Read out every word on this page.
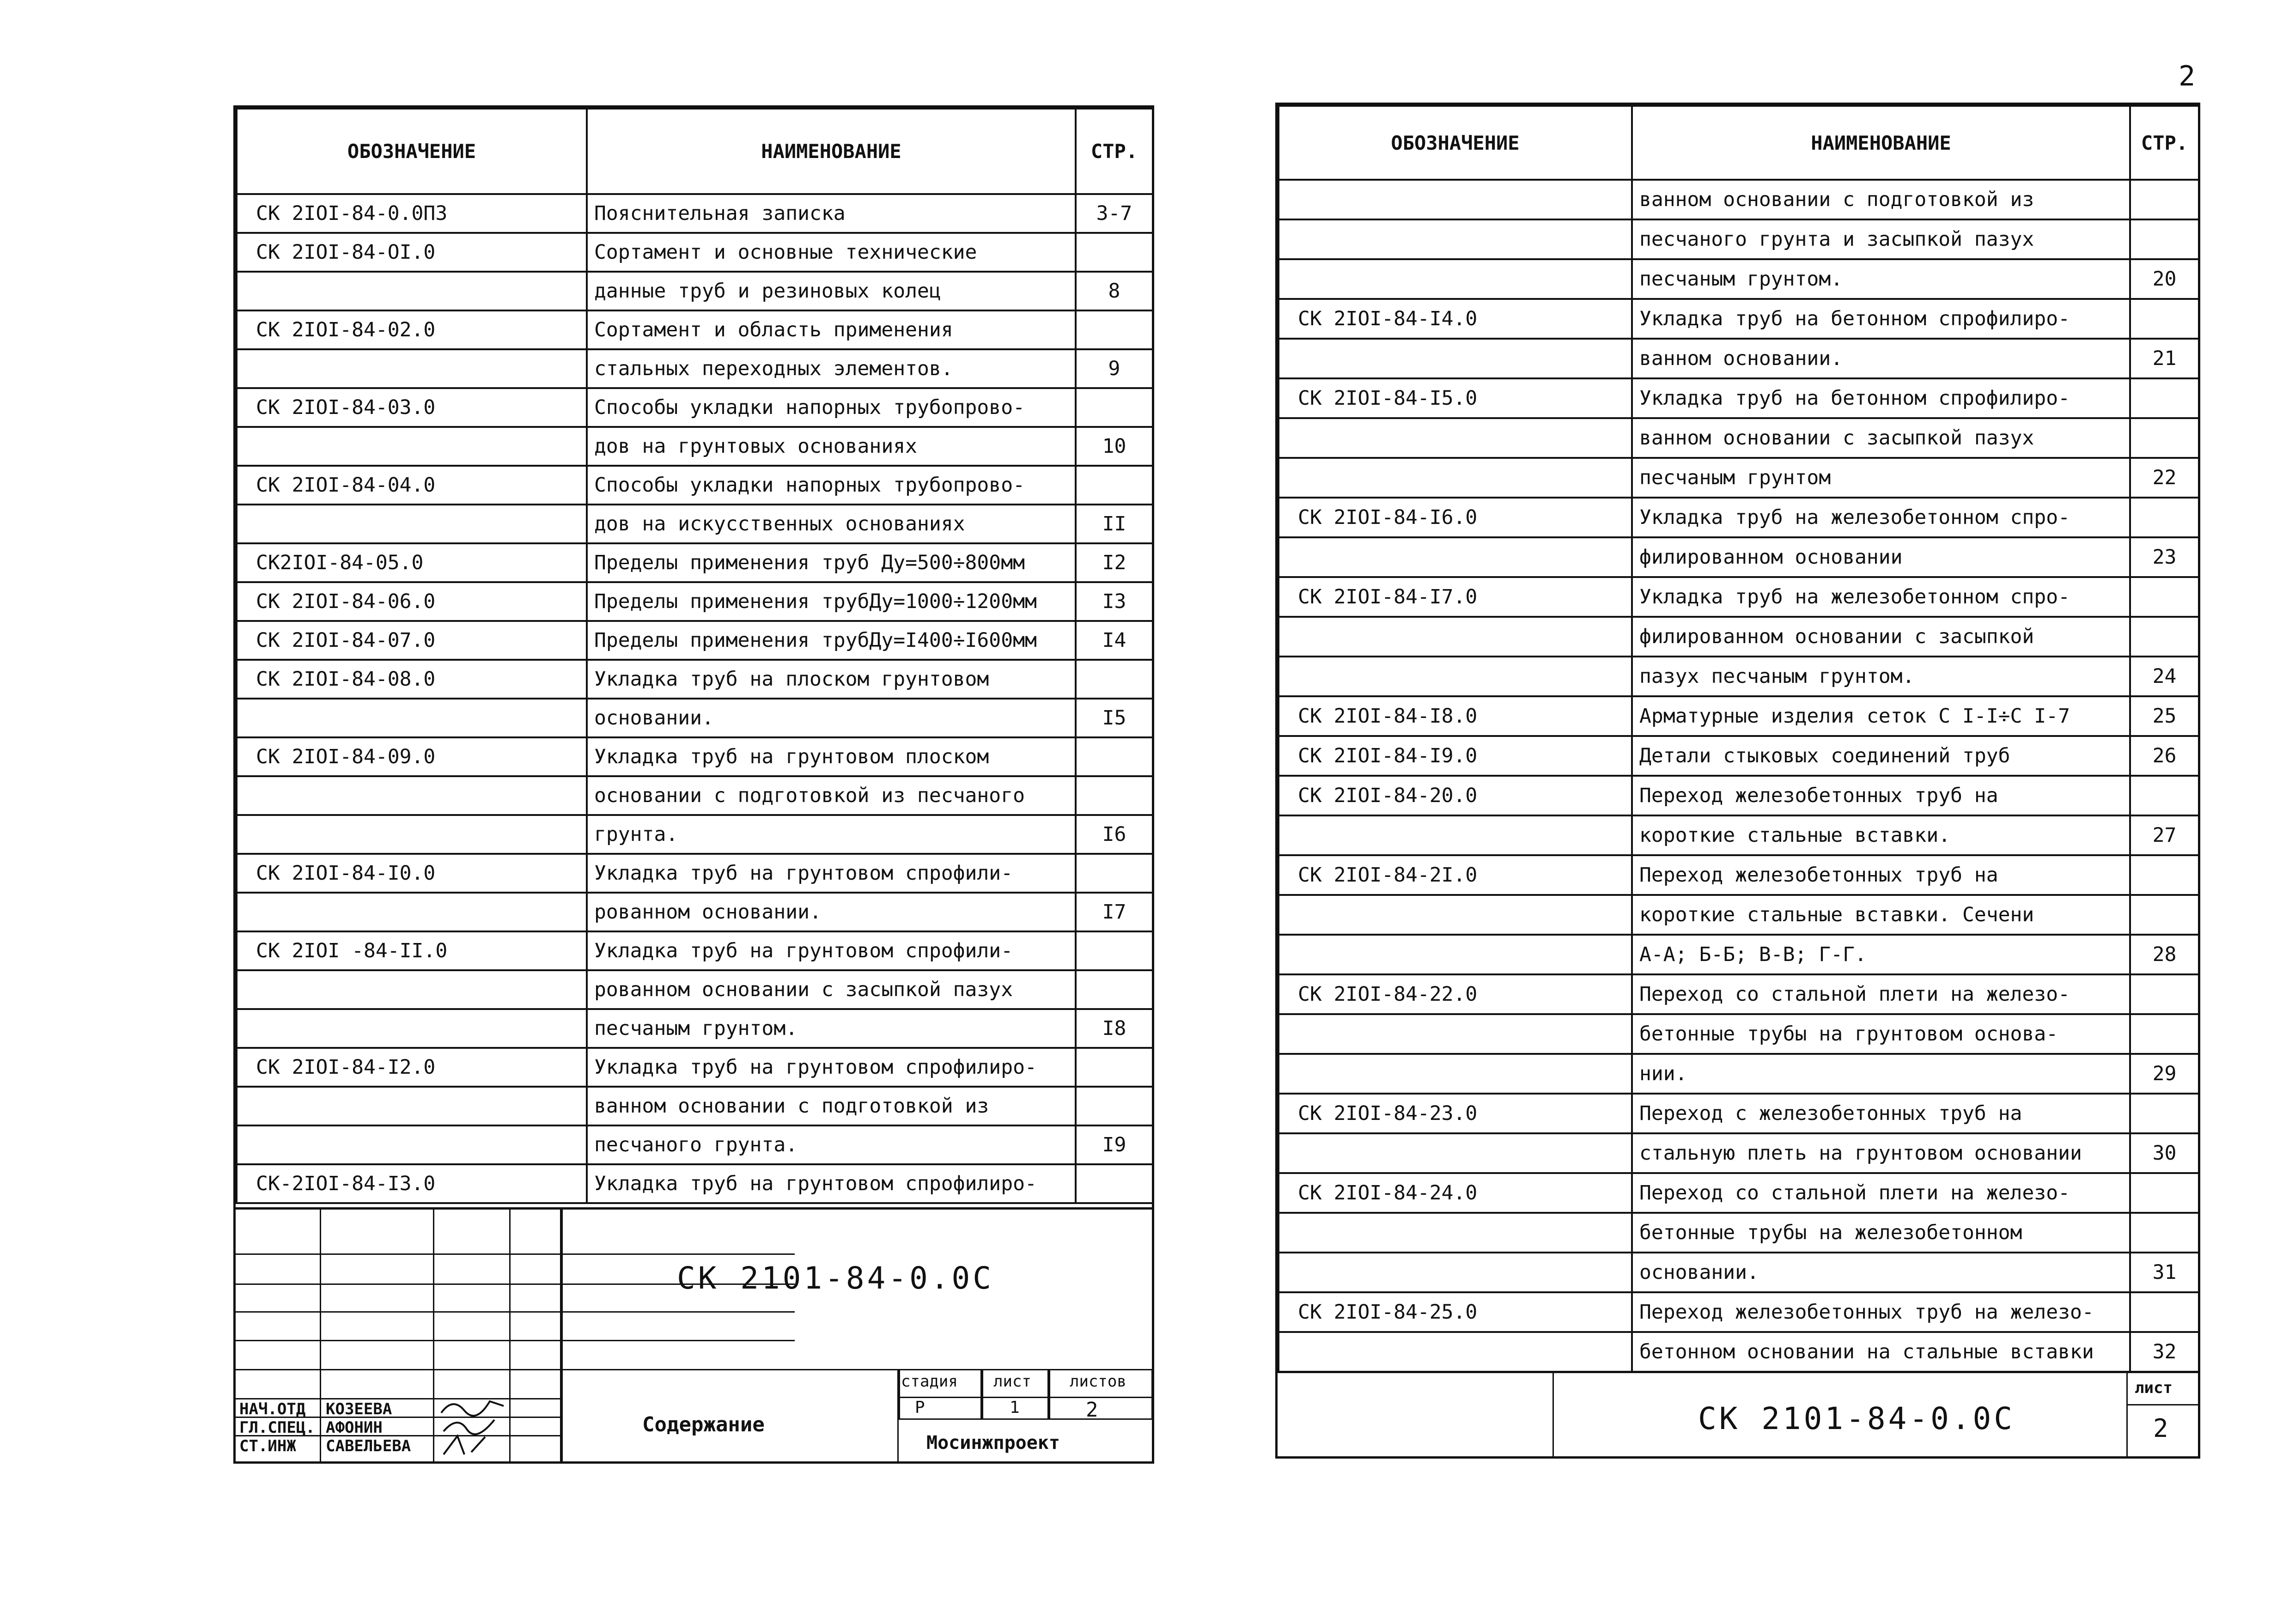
2
ОБОЗНАЧЕНИЕ	НАИМЕНОВАНИЕ	СТР.
СК 2IOI-84-0.0ПЗ	Пояснительная записка	3-7
СК 2IOI-84-OI.0	Сортамент и основные технические	
	данные труб и резиновых колец	8
СК 2IOI-84-02.0	Сортамент и область применения	
	стальных переходных элементов.	9
СК 2IOI-84-03.0	Способы укладки напорных трубопрово-	
	дов на грунтовых основаниях	10
СК 2IOI-84-04.0	Способы укладки напорных трубопрово-	
	дов на искусственных основаниях	II
СК2IOI-84-05.0	Пределы применения труб Дy=500÷800мм	I2
СК 2IOI-84-06.0	Пределы применения трубДy=1000÷1200мм	I3
СК 2IOI-84-07.0	Пределы применения трубДy=I400÷I600мм	I4
СК 2IOI-84-08.0	Укладка труб на плоском грунтовом	
	основании.	I5
СК 2IOI-84-09.0	Укладка труб на грунтовом плоском	
	основании с подготовкой из песчаного	
	грунта.	I6
СК 2IOI-84-I0.0	Укладка труб на грунтовом спрофили-	
	рованном основании.	I7
СК 2IOI -84-II.0	Укладка труб на грунтовом спрофили-	
	рованном основании с засыпкой пазух	
	песчаным грунтом.	I8
СК 2IOI-84-I2.0	Укладка труб на грунтовом спрофилиро-	
	ванном основании с подготовкой из	
	песчаного грунта.	I9
СК-2IOI-84-I3.0	Укладка труб на грунтовом спрофилиро-	
СК 2101-84-0.0С
Содержание
стадия лист листов
Р	1	2
Мосинжпроект
НАЧ.ОТД КОЗЕЕВА
ГЛ.СПЕЦ. АФОНИН
СТ.ИНЖ САВЕЛЬЕВА
ОБОЗНАЧЕНИЕ	НАИМЕНОВАНИЕ	СТР.
	ванном основании с подготовкой из	
	песчаного грунта и засыпкой пазух	
	песчаным грунтом.	20
СК 2IOI-84-I4.0	Укладка труб на бетонном спрофилиро-	
	ванном основании.	21
СК 2IOI-84-I5.0	Укладка труб на бетонном спрофилиро-	
	ванном основании с засыпкой пазух	
	песчаным грунтом	22
СК 2IOI-84-I6.0	Укладка труб на железобетонном спро-	
	филированном основании	23
СК 2IOI-84-I7.0	Укладка труб на железобетонном спро-	
	филированном основании с засыпкой	
	пазух песчаным грунтом.	24
СК 2IOI-84-I8.0	Арматурные изделия сеток С I-I÷С I-7	25
СК 2IOI-84-I9.0	Детали стыковых соединений труб	26
СК 2IOI-84-20.0	Переход железобетонных труб на	
	короткие стальные вставки.	27
СК 2IOI-84-2I.0	Переход железобетонных труб на	
	короткие стальные вставки. Сечени	
	А-А; Б-Б; В-В; Г-Г.	28
СК 2IOI-84-22.0	Переход со стальной плети на железо-	
	бетонные трубы на грунтовом основа-	
	нии.	29
СК 2IOI-84-23.0	Переход с железобетонных труб на	
	стальную плеть на грунтовом основании	30
СК 2IOI-84-24.0	Переход со стальной плети на железо-	
	бетонные трубы на железобетонном	
	основании.	31
СК 2IOI-84-25.0	Переход железобетонных труб на железо-	
	бетонном основании на стальные вставки	32
СК 2101-84-0.0С
лист
2
